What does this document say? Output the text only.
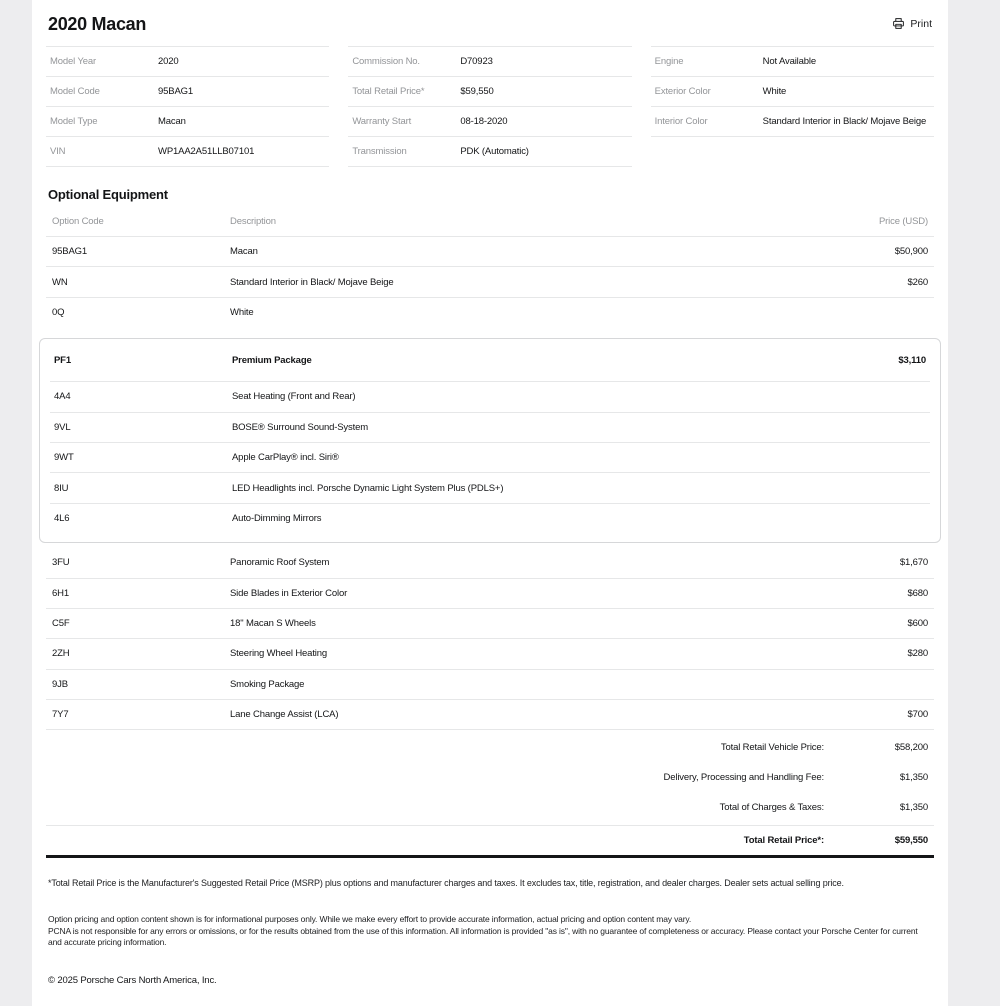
2020 Macan	Print
Model Year	2020
Model Code	95BAG1
Model Type	Macan
VIN	WP1AA2A51LLB07101
Commission No.	D70923
Total Retail Price*	$59,550
Warranty Start	08-18-2020
Transmission	PDK (Automatic)
Engine	Not Available
Exterior Color	White
Interior Color	Standard Interior in Black/ Mojave Beige
Optional Equipment
Option Code	Description	Price (USD)
95BAG1	Macan	$50,900
WN	Standard Interior in Black/ Mojave Beige	$260
0Q	White
PF1	Premium Package	$3,110
4A4	Seat Heating (Front and Rear)
9VL	BOSE® Surround Sound-System
9WT	Apple CarPlay® incl. Siri®
8IU	LED Headlights incl. Porsche Dynamic Light System Plus (PDLS+)
4L6	Auto-Dimming Mirrors
3FU	Panoramic Roof System	$1,670
6H1	Side Blades in Exterior Color	$680
C5F	18" Macan S Wheels	$600
2ZH	Steering Wheel Heating	$280
9JB	Smoking Package
7Y7	Lane Change Assist (LCA)	$700
Total Retail Vehicle Price:	$58,200
Delivery, Processing and Handling Fee:	$1,350
Total of Charges & Taxes:	$1,350
Total Retail Price*:	$59,550
*Total Retail Price is the Manufacturer's Suggested Retail Price (MSRP) plus options and manufacturer charges and taxes. It excludes tax, title, registration, and dealer charges. Dealer sets actual selling price.
Option pricing and option content shown is for informational purposes only. While we make every effort to provide accurate information, actual pricing and option content may vary.
PCNA is not responsible for any errors or omissions, or for the results obtained from the use of this information. All information is provided "as is", with no guarantee of completeness or accuracy. Please contact your Porsche Center for current and accurate pricing information.
© 2025 Porsche Cars North America, Inc.
